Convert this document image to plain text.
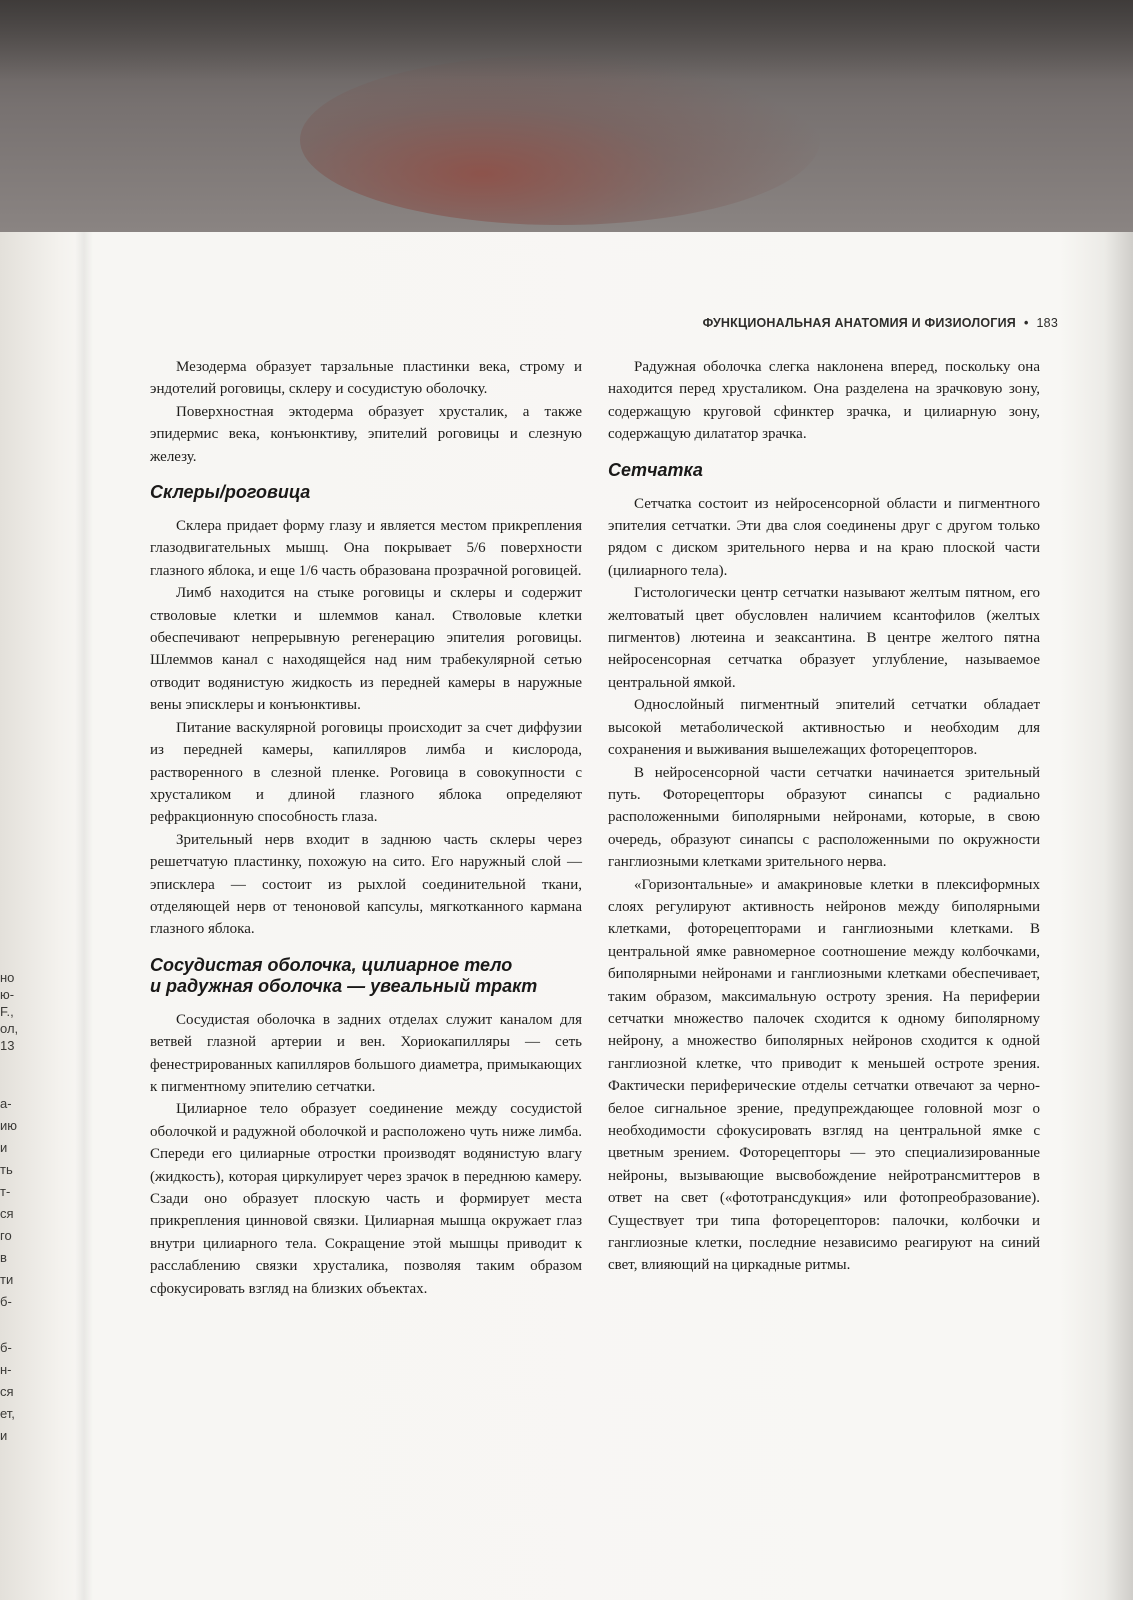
но
ю-
F.,
ол,
13
а-
ию
и
ть
т-
ся
го
в
ти
б-
б-
н-
ся
ет,
и
ФУНКЦИОНАЛЬНАЯ АНАТОМИЯ И ФИЗИОЛОГИЯ • 183

Мезодерма образует тарзальные пластинки века, строму и эндотелий роговицы, склеру и сосудистую оболочку.

Поверхностная эктодерма образует хрусталик, а также эпидермис века, конъюнктиву, эпителий роговицы и слезную железу.

Склеры/роговица

Склера придает форму глазу и является местом прикрепления глазодвигательных мышц. Она покрывает 5/6 поверхности глазного яблока, и еще 1/6 часть образована прозрачной роговицей.

Лимб находится на стыке роговицы и склеры и содержит стволовые клетки и шлеммов канал. Стволовые клетки обеспечивают непрерывную регенерацию эпителия роговицы. Шлеммов канал с находящейся над ним трабекулярной сетью отводит водянистую жидкость из передней камеры в наружные вены эписклеры и конъюнктивы.

Питание васкулярной роговицы происходит за счет диффузии из передней камеры, капилляров лимба и кислорода, растворенного в слезной пленке. Роговица в совокупности с хрусталиком и длиной глазного яблока определяют рефракционную способность глаза.

Зрительный нерв входит в заднюю часть склеры через решетчатую пластинку, похожую на сито. Его наружный слой — эписклера — состоит из рыхлой соединительной ткани, отделяющей нерв от теноновой капсулы, мягкотканного кармана глазного яблока.

Сосудистая оболочка, цилиарное тело
и радужная оболочка — увеальный тракт

Сосудистая оболочка в задних отделах служит каналом для ветвей глазной артерии и вен. Хориокапилляры — сеть фенестрированных капилляров большого диаметра, примыкающих к пигментному эпителию сетчатки.

Цилиарное тело образует соединение между сосудистой оболочкой и радужной оболочкой и расположено чуть ниже лимба. Спереди его цилиарные отростки производят водянистую влагу (жидкость), которая циркулирует через зрачок в переднюю камеру. Сзади оно образует плоскую часть и формирует места прикрепления цинновой связки. Цилиарная мышца окружает глаз внутри цилиарного тела. Сокращение этой мышцы приводит к расслаблению связки хрусталика, позволяя таким образом сфокусировать взгляд на близких объектах.

Радужная оболочка слегка наклонена вперед, поскольку она находится перед хрусталиком. Она разделена на зрачковую зону, содержащую круговой сфинктер зрачка, и цилиарную зону, содержащую дилататор зрачка.

Сетчатка

Сетчатка состоит из нейросенсорной области и пигментного эпителия сетчатки. Эти два слоя соединены друг с другом только рядом с диском зрительного нерва и на краю плоской части (цилиарного тела).

Гистологически центр сетчатки называют желтым пятном, его желтоватый цвет обусловлен наличием ксантофилов (желтых пигментов) лютеина и зеаксантина. В центре желтого пятна нейросенсорная сетчатка образует углубление, называемое центральной ямкой.

Однослойный пигментный эпителий сетчатки обладает высокой метаболической активностью и необходим для сохранения и выживания вышележащих фоторецепторов.

В нейросенсорной части сетчатки начинается зрительный путь. Фоторецепторы образуют синапсы с радиально расположенными биполярными нейронами, которые, в свою очередь, образуют синапсы с расположенными по окружности ганглиозными клетками зрительного нерва.

«Горизонтальные» и амакриновые клетки в плексиформных слоях регулируют активность нейронов между биполярными клетками, фоторецепторами и ганглиозными клетками. В центральной ямке равномерное соотношение между колбочками, биполярными нейронами и ганглиозными клетками обеспечивает, таким образом, максимальную остроту зрения. На периферии сетчатки множество палочек сходится к одному биполярному нейрону, а множество биполярных нейронов сходится к одной ганглиозной клетке, что приводит к меньшей остроте зрения. Фактически периферические отделы сетчатки отвечают за черно-белое сигнальное зрение, предупреждающее головной мозг о необходимости сфокусировать взгляд на центральной ямке с цветным зрением. Фоторецепторы — это специализированные нейроны, вызывающие высвобождение нейротрансмиттеров в ответ на свет («фототрансдукция» или фотопреобразование). Существует три типа фоторецепторов: палочки, колбочки и ганглиозные клетки, последние независимо реагируют на синий свет, влияющий на циркадные ритмы.
